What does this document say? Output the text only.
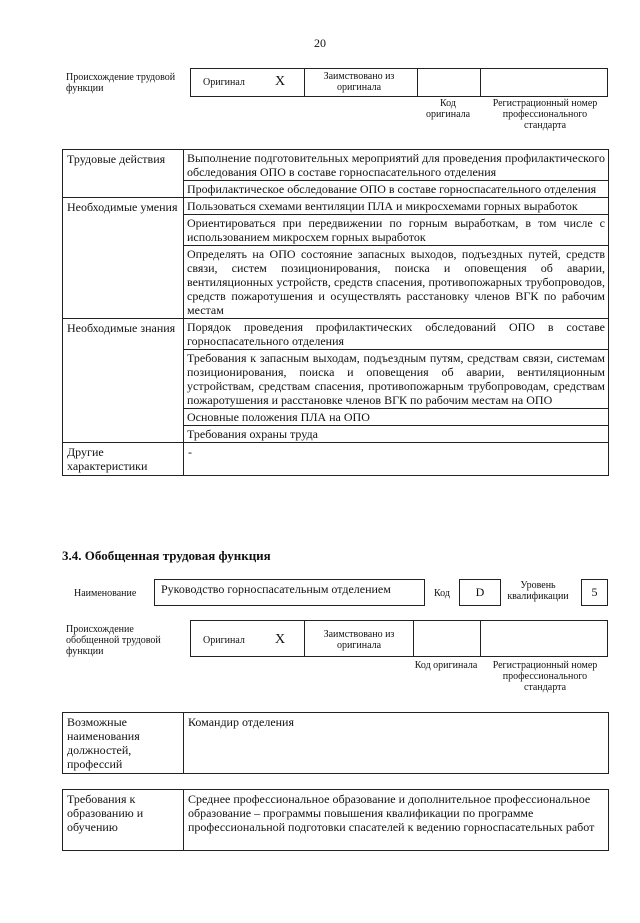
20
Происхождение трудовой функции
Оригинал X	Заимствовано из оригинала
Код оригинала
Регистрационный номер профессионального стандарта
Трудовые действия	Выполнение подготовительных мероприятий для проведения профилактического обследования ОПО в составе горноспасательного отделения
Профилактическое обследование ОПО в составе горноспасательного отделения

Необходимые умения	Пользоваться схемами вентиляции ПЛА и микросхемами горных выработок
Ориентироваться при передвижении по горным выработкам, в том числе с использованием микросхем горных выработок
Определять на ОПО состояние запасных выходов, подъездных путей, средств связи, систем позиционирования, поиска и оповещения об аварии, вентиляционных устройств, средств спасения, противопожарных трубопроводов, средств пожаротушения и осуществлять расстановку членов ВГК по рабочим местам

Необходимые знания	Порядок проведения профилактических обследований ОПО в составе горноспасательного отделения
Требования к запасным выходам, подъездным путям, средствам связи, системам позиционирования, поиска и оповещения об аварии, вентиляционным устройствам, средствам спасения, противопожарным трубопроводам, средствам пожаротушения и расстановке членов ВГК по рабочим местам на ОПО
Основные положения ПЛА на ОПО
Требования охраны труда

Другие характеристики	-
3.4. Обобщенная трудовая функция
Наименование	Руководство горноспасательным отделением	Код	D	Уровень квалификации	5
Происхождение обобщенной трудовой функции
Оригинал X	Заимствовано из оригинала
Код оригинала	Регистрационный номер профессионального стандарта
Возможные наименования должностей, профессий	Командир отделения
Требования к образованию и обучению	Среднее профессиональное образование и дополнительное профессиональное образование – программы повышения квалификации по программе профессиональной подготовки спасателей к ведению горноспасательных работ
